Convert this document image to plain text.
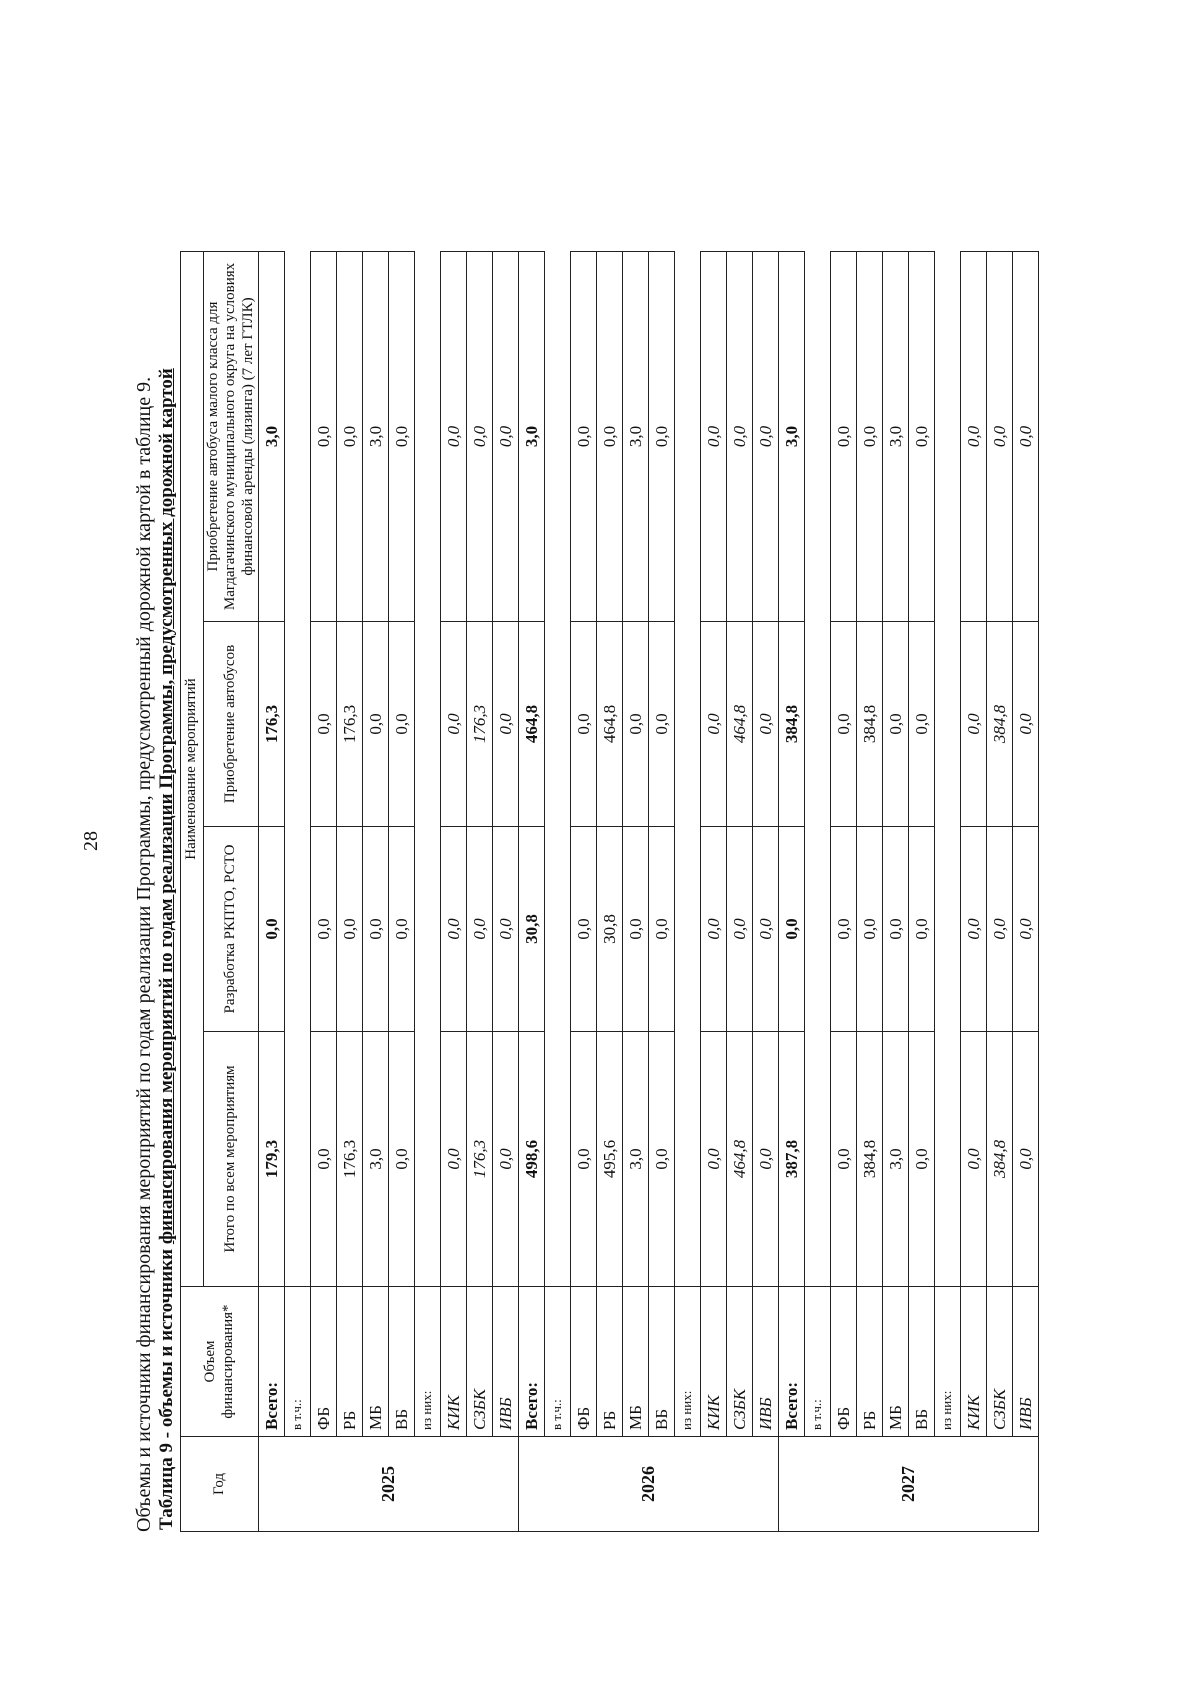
28 Объемы и источники финансирования мероприятий по годам реализации Программы, предусмотренный дорожной картой в таблице 9. Таблица 9 - объемы и источники финансирования мероприятий по годам реализации Программы, предусмотренных дорожной картой
Год	Объем финансирования*	Наименование мероприятий			
		Итого по всем мероприятиям	Разработка РКПТО, РСТО	Приобретение автобусов	Приобретение автобуса малого класса для Магдагачинского муниципального округа на условиях финансовой аренды (лизинга) (7 лет ГТЛК)
2025	Всего:	179,3	0,0	176,3	3,0
	в т.ч.:				
	ФБ	0,0	0,0	0,0	0,0
	РБ	176,3	0,0	176,3	0,0
	МБ	3,0	0,0	0,0	3,0
	ВБ	0,0	0,0	0,0	0,0
	из них:				
	КИК	0,0	0,0	0,0	0,0
	СЗБК	176,3	0,0	176,3	0,0
	ИВБ	0,0	0,0	0,0	0,0
2026	Всего:	498,6	30,8	464,8	3,0
	в т.ч.:				
	ФБ	0,0	0,0	0,0	0,0
	РБ	495,6	30,8	464,8	0,0
	МБ	3,0	0,0	0,0	3,0
	ВБ	0,0	0,0	0,0	0,0
	из них:				
	КИК	0,0	0,0	0,0	0,0
	СЗБК	464,8	0,0	464,8	0,0
	ИВБ	0,0	0,0	0,0	0,0
2027	Всего:	387,8	0,0	384,8	3,0
	в т.ч.:				
	ФБ	0,0	0,0	0,0	0,0
	РБ	384,8	0,0	384,8	0,0
	МБ	3,0	0,0	0,0	3,0
	ВБ	0,0	0,0	0,0	0,0
	из них:				
	КИК	0,0	0,0	0,0	0,0
	СЗБК	384,8	0,0	384,8	0,0
	ИВБ	0,0	0,0	0,0	0,0
